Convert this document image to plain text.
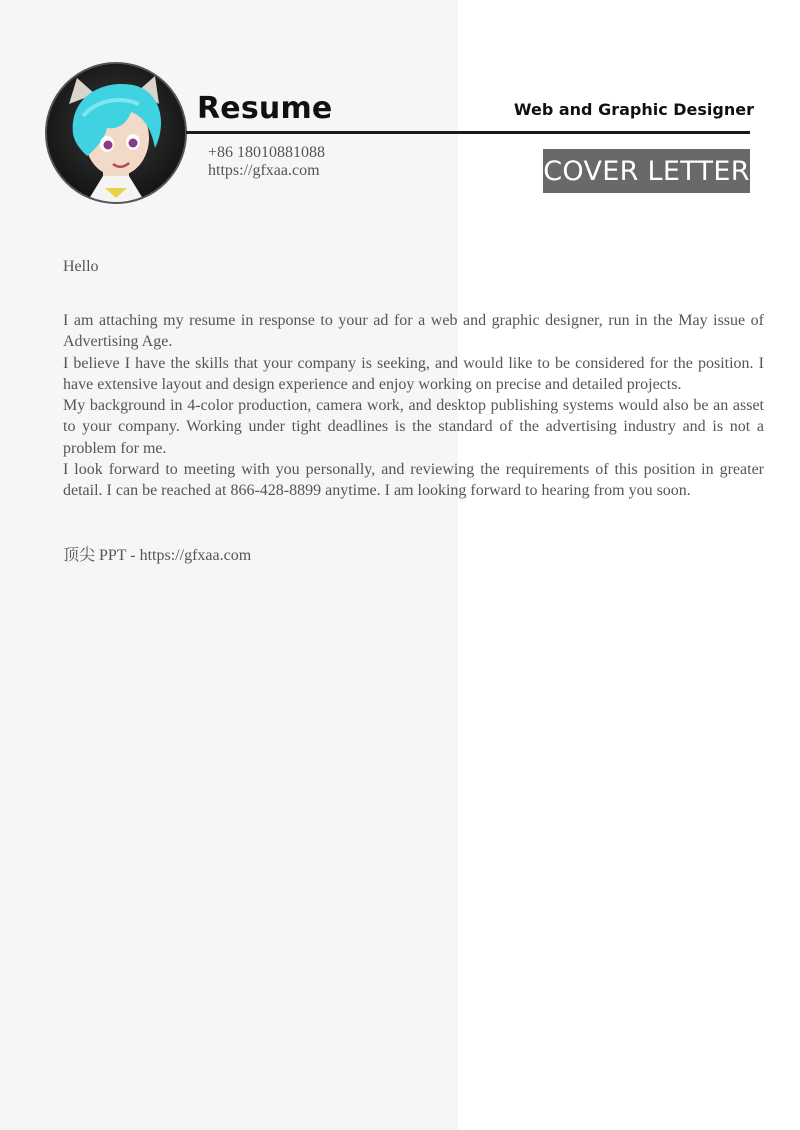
Resume	Web and Graphic Designer
+86 18010881088
https://gfxaa.com	COVER LETTER
Hello

I am attaching my resume in response to your ad for a web and graphic designer, run in the May issue of Advertising Age.

I believe I have the skills that your company is seeking, and would like to be considered for the position. I have extensive layout and design experience and enjoy working on precise and detailed projects.

My background in 4-color production, camera work, and desktop publishing systems would also be an asset to your company. Working under tight deadlines is the standard of the advertising industry and is not a problem for me.

I look forward to meeting with you personally, and reviewing the requirements of this position in greater detail. I can be reached at 866-428-8899 anytime. I am looking forward to hearing from you soon.

顶尖 PPT - https://gfxaa.com
